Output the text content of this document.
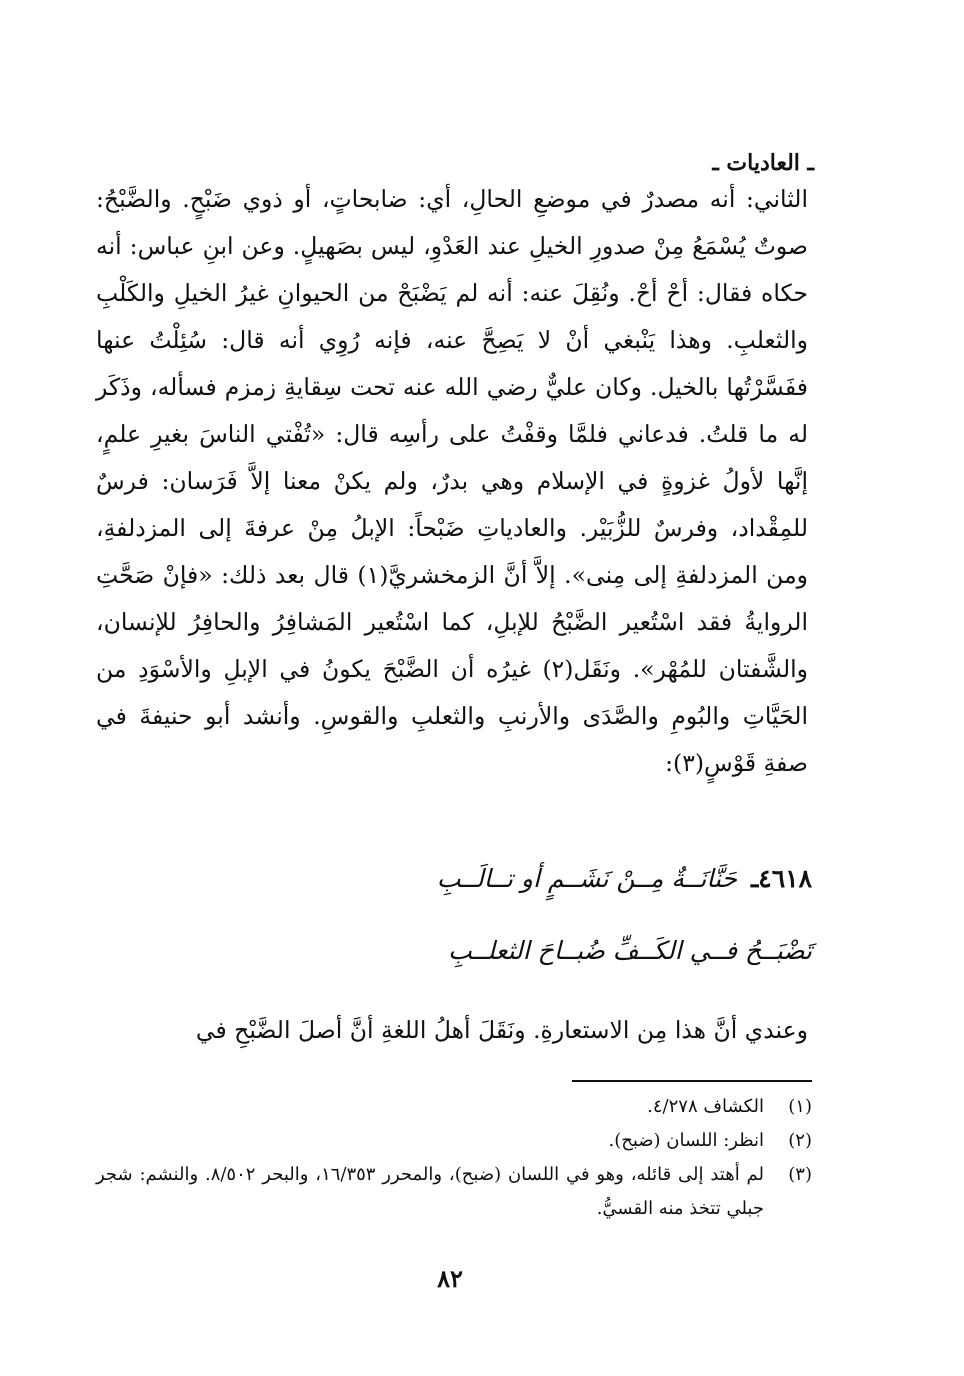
ـ العاديات ـ

الثاني: أنه مصدرٌ في موضعِ الحالِ، أي: ضابحاتٍ، أو ذوي ضَبْحٍ. والضَّبْحُ: صوتٌ يُسْمَعُ مِنْ صدورِ الخيلِ عند العَدْوِ، ليس بصَهيلٍ. وعن ابنِ عباس: أنه حكاه فقال: أحْ أحْ. ونُقِلَ عنه: أنه لم يَضْبَحْ من الحيوانِ غيرُ الخيلِ والكَلْبِ والثعلبِ. وهذا يَنْبغي أنْ لا يَصِحَّ عنه، فإنه رُوِي أنه قال: سُئِلْتُ عنها ففَسَّرْتُها بالخيل. وكان عليٌّ رضي الله عنه تحت سِقايةِ زمزم فسأله، وذَكَر له ما قلتُ. فدعاني فلمَّا وقفْتُ على رأسِه قال: «تُفْتي الناسَ بغيرِ علمٍ، إنَّها لأولُ غزوةٍ في الإسلام وهي بدرٌ، ولم يكنْ معنا إلاَّ فَرَسان: فرسٌ للمِقْداد، وفرسٌ للزُّبَيْر. والعادياتِ ضَبْحاً: الإبلُ مِنْ عرفةَ إلى المزدلفةِ، ومن المزدلفةِ إلى مِنى». إلاَّ أنَّ الزمخشريَّ(١) قال بعد ذلك: «فإنْ صَحَّتِ الروايةُ فقد اسْتُعير الضَّبْحُ للإبلِ، كما اسْتُعير المَشافِرُ والحافِرُ للإنسان، والشَّفتان للمُهْر». ونَقَل(٢) غيرُه أن الضَّبْحَ يكونُ في الإبلِ والأسْوَدِ من الحَيَّاتِ والبُومِ والصَّدَى والأرنبِ والثعلبِ والقوسِ. وأنشد أبو حنيفةَ في صفةِ قَوْسٍ(٣):

٤٦١٨ـ حَنَّانَــةٌ مِــنْ نَشَــمٍ أو تــالَــبِ
تَضْبَــحُ فــي الكَــفِّ ضُبــاحَ الثعلــبِ
وعندي أنَّ هذا مِن الاستعارةِ. ونَقَلَ أهلُ اللغةِ أنَّ أصلَ الضَّبْحِ في
(١)
الكشاف ٤/٢٧٨.
(٢)
انظر: اللسان (ضبح).
(٣)
لم أهتد إلى قائله، وهو في اللسان (ضبح)، والمحرر ١٦/٣٥٣، والبحر ٨/٥٠٢. والنشم: شجر جبلي تتخذ منه القسيُّ.
٨٢
